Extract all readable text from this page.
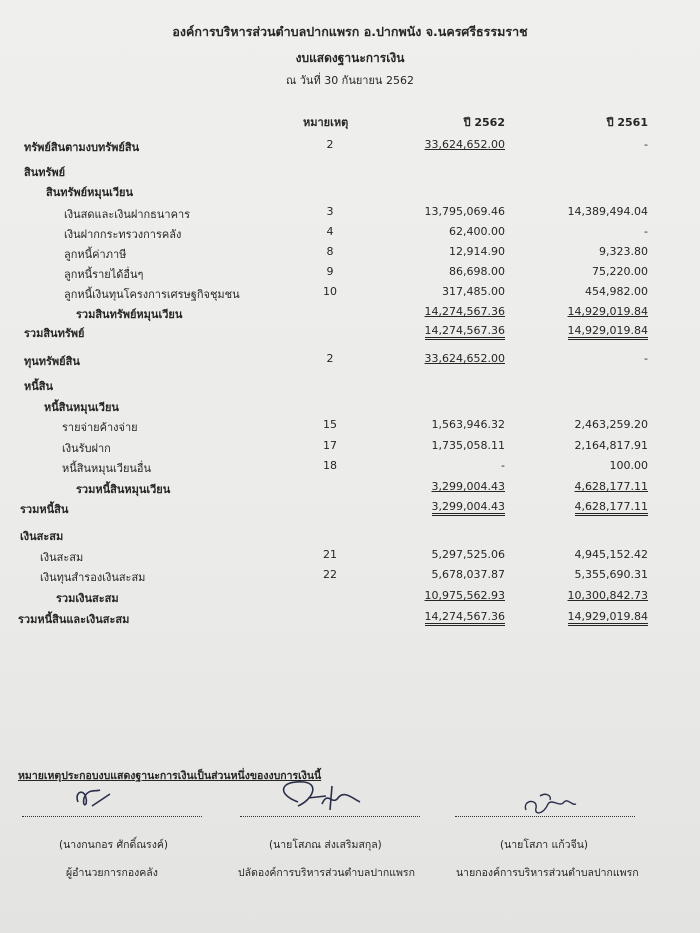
องค์การบริหารส่วนตำบลปากแพรก อ.ปากพนัง จ.นครศรีธรรมราช
งบแสดงฐานะการเงิน
ณ วันที่ 30 กันยายน 2562
หมายเหตุ	ปี 2562	ปี 2561
ทรัพย์สินตามงบทรัพย์สิน	2	33,624,652.00	-
สินทรัพย์
สินทรัพย์หมุนเวียน
เงินสดและเงินฝากธนาคาร	3	13,795,069.46	14,389,494.04
เงินฝากกระทรวงการคลัง	4	62,400.00	-
ลูกหนี้ค่าภาษี	8	12,914.90	9,323.80
ลูกหนี้รายได้อื่นๆ	9	86,698.00	75,220.00
ลูกหนี้เงินทุนโครงการเศรษฐกิจชุมชน	10	317,485.00	454,982.00
รวมสินทรัพย์หมุนเวียน	14,274,567.36	14,929,019.84
รวมสินทรัพย์	14,274,567.36	14,929,019.84
ทุนทรัพย์สิน	2	33,624,652.00	-
หนี้สิน
หนี้สินหมุนเวียน
รายจ่ายค้างจ่าย	15	1,563,946.32	2,463,259.20
เงินรับฝาก	17	1,735,058.11	2,164,817.91
หนี้สินหมุนเวียนอื่น	18	-	100.00
รวมหนี้สินหมุนเวียน	3,299,004.43	4,628,177.11
รวมหนี้สิน	3,299,004.43	4,628,177.11
เงินสะสม
เงินสะสม	21	5,297,525.06	4,945,152.42
เงินทุนสำรองเงินสะสม	22	5,678,037.87	5,355,690.31
รวมเงินสะสม	10,975,562.93	10,300,842.73
รวมหนี้สินและเงินสะสม	14,274,567.36	14,929,019.84
หมายเหตุประกอบงบแสดงฐานะการเงินเป็นส่วนหนึ่งของงบการเงินนี้
(นางกนกอร ศักดิ์ณรงค์)	(นายโสภณ ส่งเสริมสกุล)	(นายโสภา แก้วจีน)
ผู้อำนวยการกองคลัง	ปลัดองค์การบริหารส่วนตำบลปากแพรก	นายกองค์การบริหารส่วนตำบลปากแพรก
